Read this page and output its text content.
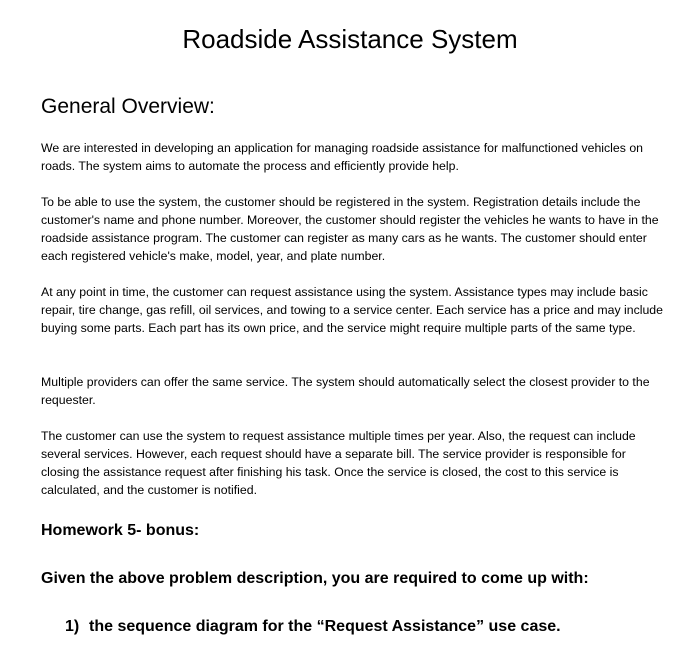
Roadside Assistance System
General Overview:

We are interested in developing an application for managing roadside assistance for malfunctioned vehicles on roads. The system aims to automate the process and efficiently provide help.

To be able to use the system, the customer should be registered in the system. Registration details include the customer's name and phone number. Moreover, the customer should register the vehicles he wants to have in the roadside assistance program. The customer can register as many cars as he wants. The customer should enter each registered vehicle's make, model, year, and plate number.

At any point in time, the customer can request assistance using the system. Assistance types may include basic repair, tire change, gas refill, oil services, and towing to a service center. Each service has a price and may include buying some parts. Each part has its own price, and the service might require multiple parts of the same type.

Multiple providers can offer the same service. The system should automatically select the closest provider to the requester.

The customer can use the system to request assistance multiple times per year. Also, the request can include several services. However, each request should have a separate bill. The service provider is responsible for closing the assistance request after finishing his task. Once the service is closed, the cost to this service is calculated, and the customer is notified.

Homework 5- bonus:

Given the above problem description, you are required to come up with:

1) the sequence diagram for the “Request Assistance” use case.
